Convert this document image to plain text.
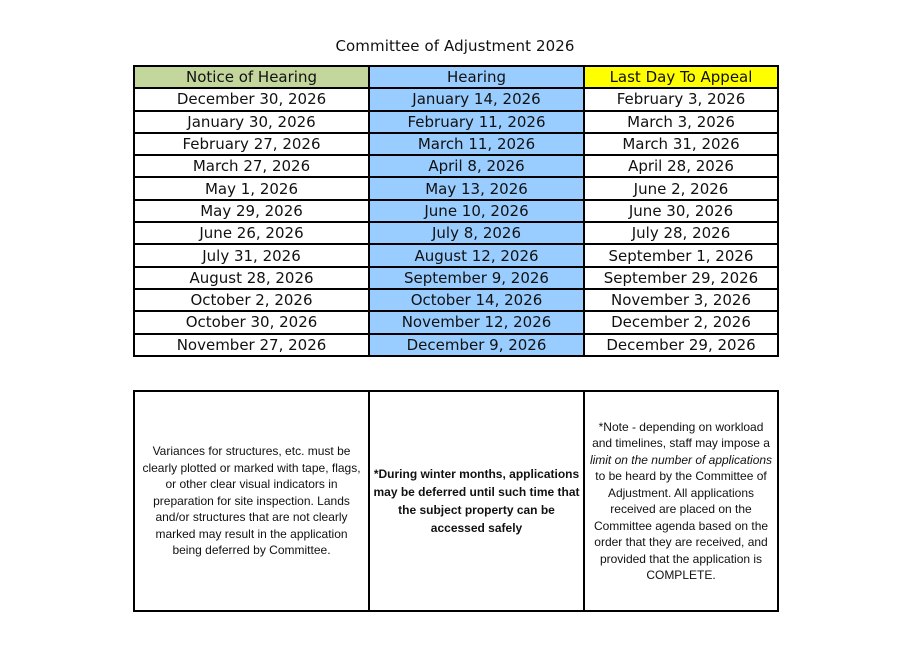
Committee of Adjustment 2026
Notice of Hearing	Hearing	Last Day To Appeal
December 30, 2026	January 14, 2026	February 3, 2026
January 30, 2026	February 11, 2026	March 3, 2026
February 27, 2026	March 11, 2026	March 31, 2026
March 27, 2026	April 8, 2026	April 28, 2026
May 1, 2026	May 13, 2026	June 2, 2026
May 29, 2026	June 10, 2026	June 30, 2026
June 26, 2026	July 8, 2026	July 28, 2026
July 31, 2026	August 12, 2026	September 1, 2026
August 28, 2026	September 9, 2026	September 29, 2026
October 2, 2026	October 14, 2026	November 3, 2026
October 30, 2026	November 12, 2026	December 2, 2026
November 27, 2026	December 9, 2026	December 29, 2026
Variances for structures, etc. must be clearly plotted or marked with tape, flags, or other clear visual indicators in preparation for site inspection. Lands and/or structures that are not clearly marked may result in the application being deferred by Committee.	*During winter months, applications may be deferred until such time that the subject property can be accessed safely	*Note - depending on workload and timelines, staff may impose a limit on the number of applications to be heard by the Committee of Adjustment. All applications received are placed on the Committee agenda based on the order that they are received, and provided that the application is COMPLETE.
